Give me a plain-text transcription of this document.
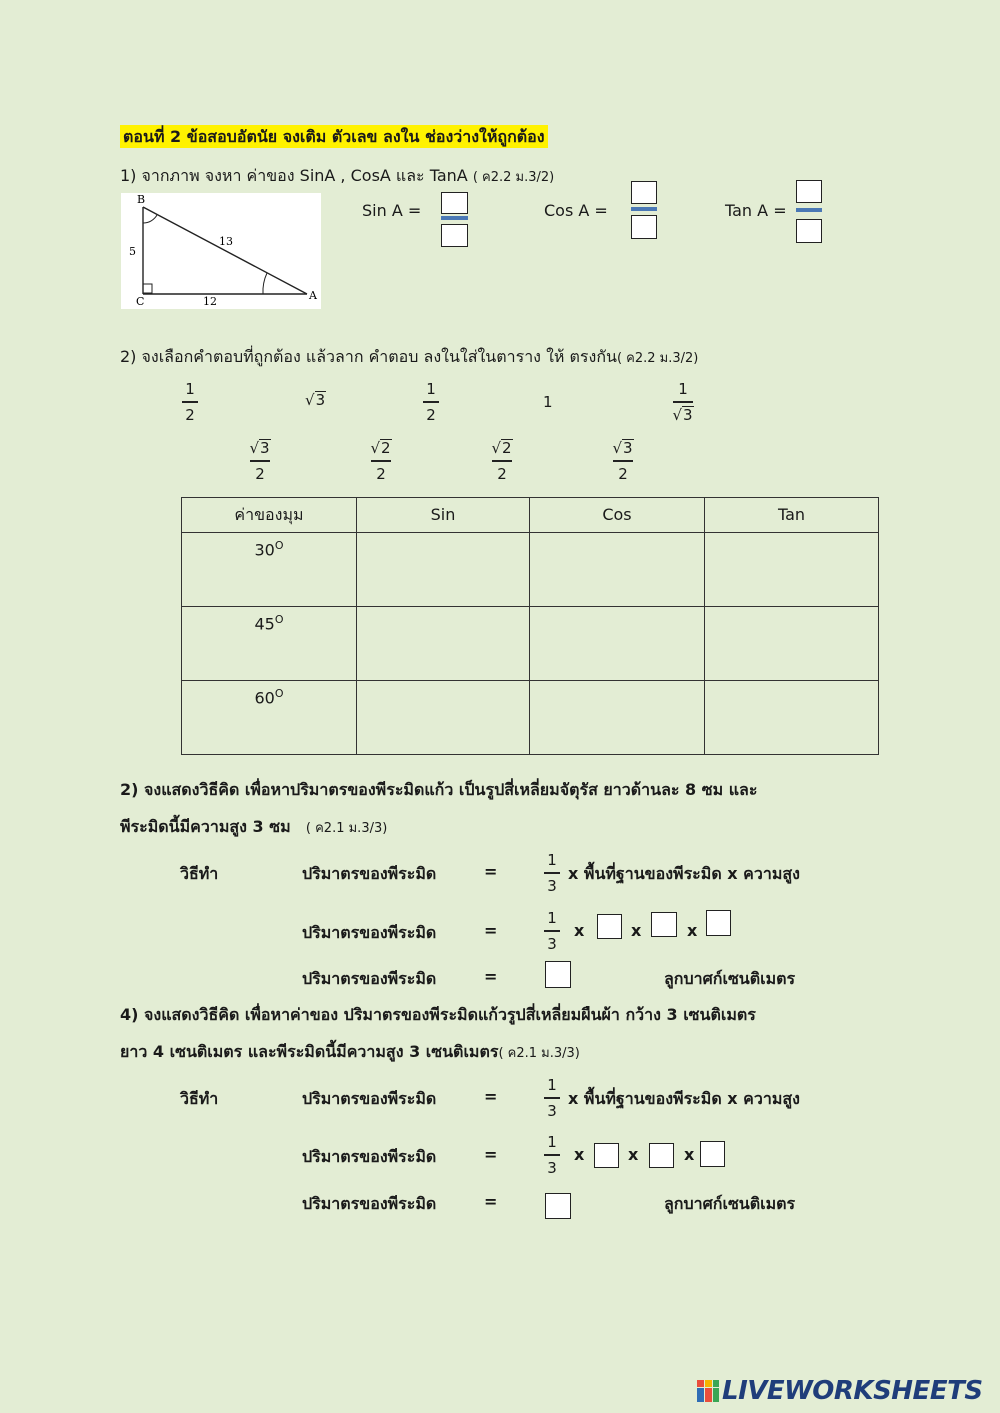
ตอนที่ 2 ข้อสอบอัตนัย จงเติม ตัวเลข ลงใน ช่องว่างให้ถูกต้อง
1) จากภาพ จงหา ค่าของ SinA , CosA และ TanA ( ค2.2 ม.3/2)
B
C	A
5
13
12
Sin A =	Cos A =	Tan A =
2) จงเลือกคำตอบที่ถูกต้อง แล้วลาก คำตอบ ลงในใส่ในตาราง ให้ ตรงกัน( ค2.2 ม.3/2)
1
2
√3
1
2
1
1
√3
√3
2
√2
2
√2
2
√3
2
ค่าของมุม	Sin	Cos	Tan
$30^O$			
$45^O$			
$60^O$			
2) จงแสดงวิธีคิด เพื่อหาปริมาตรของพีระมิดแก้ว เป็นรูปสี่เหลี่ยมจัตุรัส ยาวด้านละ 8 ซม และ
พีระมิดนี้มีความสูง 3 ซม ( ค2.1 ม.3/3)
วิธีทำ	ปริมาตรของพีระมิด	=
1
3
x พื้นที่ฐานของพีระมิด x ความสูง
ปริมาตรของพีระมิด	=
1
3
x	x	x
ปริมาตรของพีระมิด	=	ลูกบาศก์เซนติเมตร
4) จงแสดงวิธีคิด เพื่อหาค่าของ ปริมาตรของพีระมิดแก้วรูปสี่เหลี่ยมผืนผ้า กว้าง 3 เซนติเมตร
ยาว 4 เซนติเมตร และพีระมิดนี้มีความสูง 3 เซนติเมตร( ค2.1 ม.3/3)
วิธีทำ	ปริมาตรของพีระมิด	=
1
3
x พื้นที่ฐานของพีระมิด x ความสูง
ปริมาตรของพีระมิด	=
1
3
x	x	x
ปริมาตรของพีระมิด	=	ลูกบาศก์เซนติเมตร
LIVEWORKSHEETS
